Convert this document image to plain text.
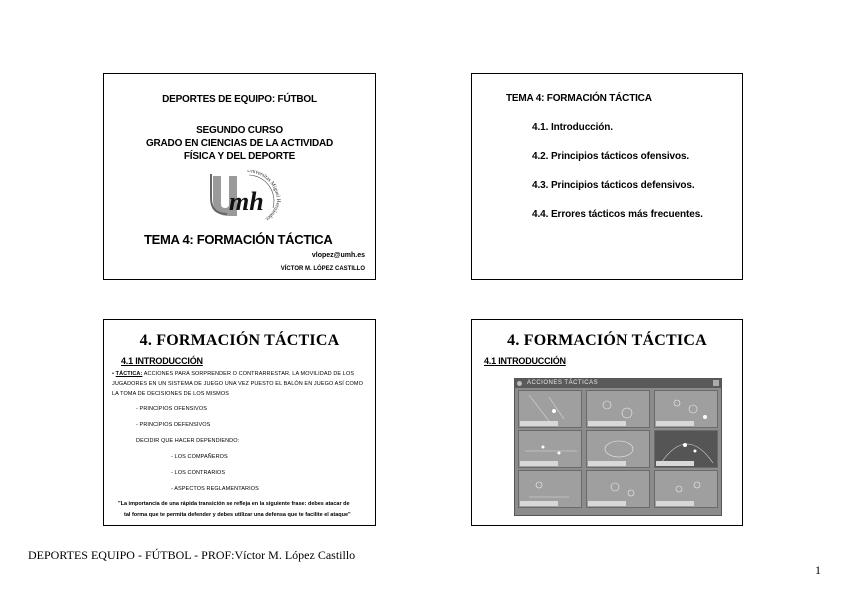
DEPORTES DE EQUIPO: FÚTBOL
SEGUNDO CURSO
GRADO EN CIENCIAS DE LA ACTIVIDAD
FÍSICA Y DEL DEPORTE
mh
Universitas Miguel Hernández
TEMA 4: FORMACIÓN TÁCTICA
vlopez@umh.es
VÍCTOR M. LÓPEZ CASTILLO
TEMA 4: FORMACIÓN TÁCTICA
4.1. Introducción.
4.2. Principios tácticos ofensivos.
4.3. Principios tácticos defensivos.
4.4. Errores tácticos más frecuentes.
4. FORMACIÓN TÁCTICA
4.1 INTRODUCCIÓN
• TÁCTICA: ACCIONES PARA SORPRENDER O CONTRARRESTAR. LA MOVILIDAD DE LOS JUGADORES EN UN SISTEMA DE JUEGO UNA VEZ PUESTO EL BALÓN EN JUEGO ASÍ COMO LA TOMA DE DECISIONES DE LOS MISMOS
- PRINCIPIOS OFENSIVOS
- PRINCIPIOS DEFENSIVOS
DECIDIR QUE HACER DEPENDIENDO:
- LOS COMPAÑEROS
- LOS CONTRARIOS
- ASPECTOS REGLAMENTARIOS
"La importancia de una rápida transición se refleja en la siguiente frase: debes atacar de
tal forma que te permita defender y debes utilizar una defensa que te facilite el ataque"
4. FORMACIÓN TÁCTICA
4.1 INTRODUCCIÓN
ACCIONES TÁCTICAS
DEPORTES EQUIPO - FÚTBOL - PROF:Víctor M. López Castillo
1
